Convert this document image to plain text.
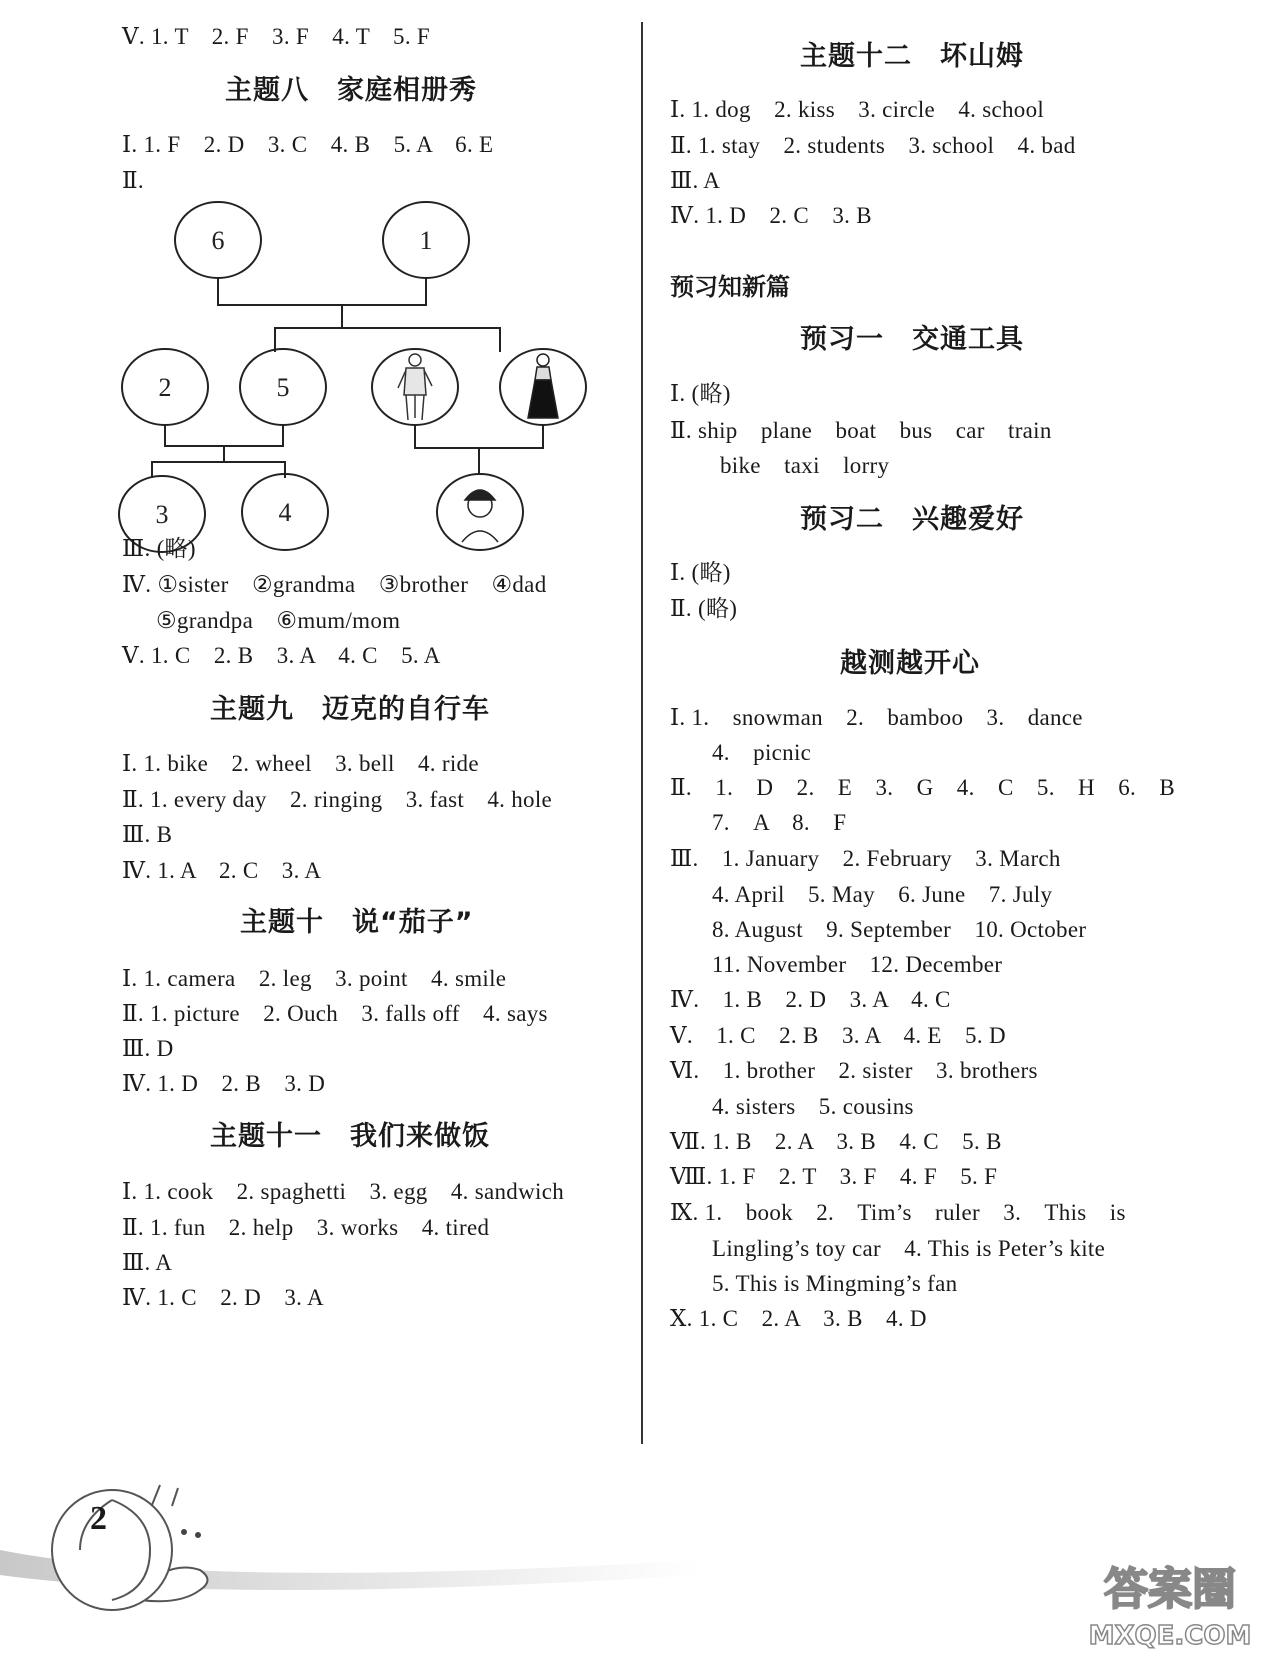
Ⅴ. 1. T　2. F　3. F　4. T　5. F
主题八　家庭相册秀
Ⅰ. 1. F　2. D　3. C　4. B　5. A　6. E
Ⅱ.
6	1
2	5
3	4
Ⅲ. (略)
Ⅳ. ①sister　②grandma　③brother　④dad
⑤grandpa　⑥mum/mom
Ⅴ. 1. C　2. B　3. A　4. C　5. A
主题九　迈克的自行车
Ⅰ. 1. bike　2. wheel　3. bell　4. ride
Ⅱ. 1. every day　2. ringing　3. fast　4. hole
Ⅲ. B
Ⅳ. 1. A　2. C　3. A
主题十　说“茄子”
Ⅰ. 1. camera　2. leg　3. point　4. smile
Ⅱ. 1. picture　2. Ouch　3. falls off　4. says
Ⅲ. D
Ⅳ. 1. D　2. B　3. D
主题十一　我们来做饭
Ⅰ. 1. cook　2. spaghetti　3. egg　4. sandwich
Ⅱ. 1. fun　2. help　3. works　4. tired
Ⅲ. A
Ⅳ. 1. C　2. D　3. A
主题十二　坏山姆
Ⅰ. 1. dog　2. kiss　3. circle　4. school
Ⅱ. 1. stay　2. students　3. school　4. bad
Ⅲ. A
Ⅳ. 1. D　2. C　3. B
预习知新篇
预习一　交通工具
Ⅰ. (略)
Ⅱ. ship　plane　boat　bus　car　train
bike　taxi　lorry
预习二　兴趣爱好
Ⅰ. (略)
Ⅱ. (略)
越测越开心
Ⅰ. 1.　snowman　2.　bamboo　3.　dance
4.　picnic
Ⅱ.　1.　D　2.　E　3.　G　4.　C　5.　H　6.　B
7.　A　8.　F
Ⅲ.　1. January　2. February　3. March
4. April　5. May　6. June　7. July
8. August　9. September　10. October
11. November　12. December
Ⅳ.　1. B　2. D　3. A　4. C
Ⅴ.　1. C　2. B　3. A　4. E　5. D
Ⅵ.　1. brother　2. sister　3. brothers
4. sisters　5. cousins
Ⅶ. 1. B　2. A　3. B　4. C　5. B
Ⅷ. 1. F　2. T　3. F　4. F　5. F
Ⅸ. 1.　book　2.　Tim’s　ruler　3.　This　is
Lingling’s toy car　4. This is Peter’s kite
5. This is Mingming’s fan
Ⅹ. 1. C　2. A　3. B　4. D
2
答案圈
MXQE.COM
